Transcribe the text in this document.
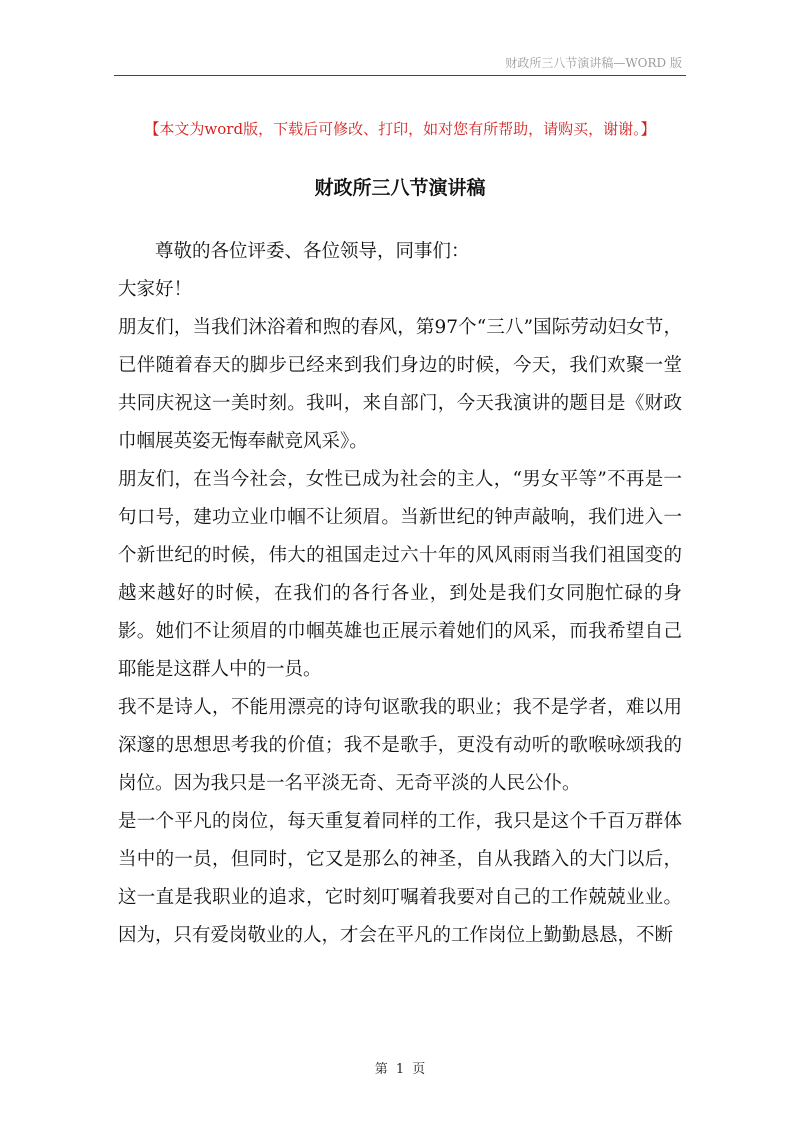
财政所三八节演讲稿—WORD 版
【本文为word版，下载后可修改、打印，如对您有所帮助，请购买，谢谢。】
财政所三八节演讲稿

尊敬的各位评委、各位领导，同事们：

大家好！

朋友们，当我们沐浴着和煦的春风，第97个“三八”国际劳动妇女节，已伴随着春天的脚步已经来到我们身边的时候，今天，我们欢聚一堂共同庆祝这一美时刻。我叫，来自部门，今天我演讲的题目是《财政巾帼展英姿无悔奉献竞风采》。

朋友们，在当今社会，女性已成为社会的主人，“男女平等”不再是一句口号，建功立业巾帼不让须眉。当新世纪的钟声敲响，我们进入一个新世纪的时候，伟大的祖国走过六十年的风风雨雨当我们祖国变的越来越好的时候，在我们的各行各业，到处是我们女同胞忙碌的身影。她们不让须眉的巾帼英雄也正展示着她们的风采，而我希望自己耶能是这群人中的一员。

我不是诗人，不能用漂亮的诗句讴歌我的职业；我不是学者，难以用深邃的思想思考我的价值；我不是歌手，更没有动听的歌喉咏颂我的岗位。因为我只是一名平淡无奇、无奇平淡的人民公仆。

是一个平凡的岗位，每天重复着同样的工作，我只是这个千百万群体当中的一员，但同时，它又是那么的神圣，自从我踏入的大门以后，这一直是我职业的追求，它时刻叮嘱着我要对自己的工作兢兢业业。因为，只有爱岗敬业的人，才会在平凡的工作岗位上勤勤恳恳，不断

第 1 页
